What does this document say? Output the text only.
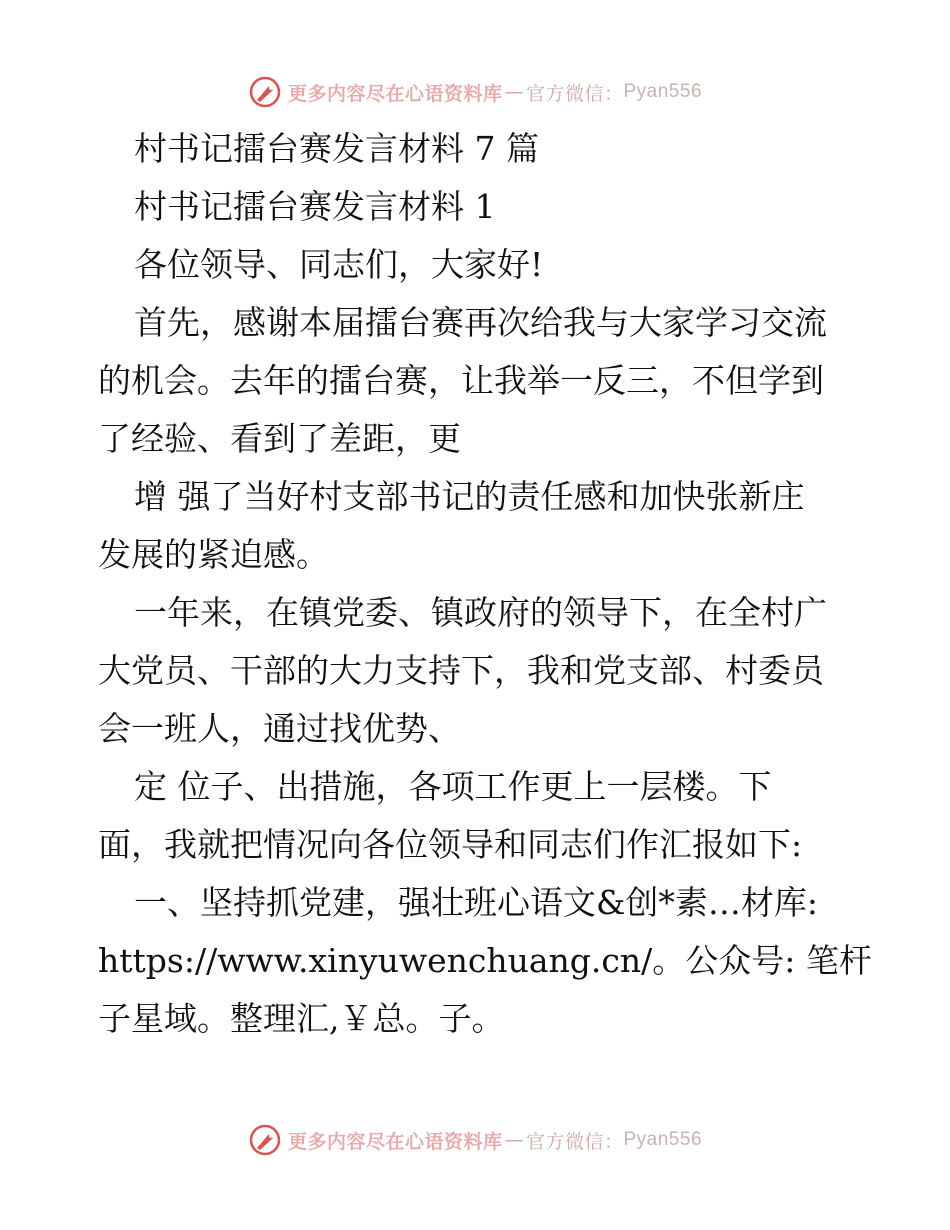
更多内容尽在心语资料库 — 官方微信： Pyan556
村书记擂台赛发言材料 7 篇
村书记擂台赛发言材料 1
各位领导、同志们，大家好!
首先，感谢本届擂台赛再次给我与大家学习交流
的机会。去年的擂台赛，让我举一反三，不但学到
了经验、看到了差距，更
增 强了当好村支部书记的责任感和加快张新庄
发展的紧迫感。
一年来，在镇党委、镇政府的领导下，在全村广
大党员、干部的大力支持下，我和党支部、村委员
会一班人，通过找优势、
定 位子、出措施，各项工作更上一层楼。下
面，我就把情况向各位领导和同志们作汇报如下:
一、坚持抓党建，强壮班心语文&创*素…材库:
https://www.xinyuwenchuang.cn/。公众号: 笔杆
子星域。整理汇,￥总。子。
更多内容尽在心语资料库 — 官方微信： Pyan556
